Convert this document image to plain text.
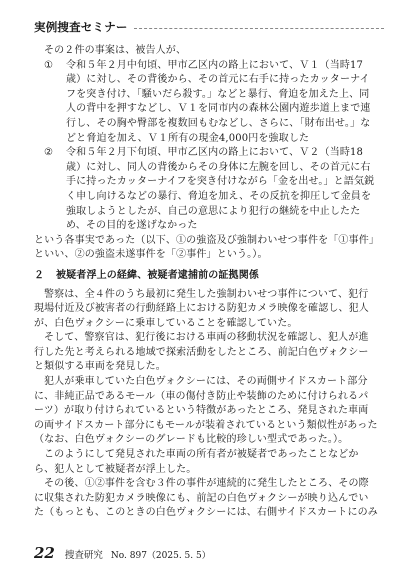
実例捜査セミナー

その２件の事案は、被告人が、

①	令和５年２月中旬頃、甲市乙区内の路上において、Ｖ１（当時17歳）に対し、その背後から、その首元に右手に持ったカッターナイフを突き付け、「騒いだら殺す。」などと暴行、脅迫を加えた上、同人の背中を押すなどし、Ｖ１を同市内の森林公園内遊歩道上まで連行し、その胸や臀部を複数回もむなどし、さらに、「財布出せ。」などと脅迫を加え、Ｖ１所有の現金4,000円を強取した
②	令和５年２月下旬頃、甲市乙区内の路上において、Ｖ２（当時18歳）に対し、同人の背後からその身体に左腕を回し、その首元に右手に持ったカッターナイフを突き付けながら「金を出せ。」と語気鋭く申し向けるなどの暴行、脅迫を加え、その反抗を抑圧して金員を強取しようとしたが、自己の意思により犯行の継続を中止したため、その目的を遂げなかった

という各事実であった（以下、①の強盗及び強制わいせつ事件を「①事件」といい、②の強盗未遂事件を「②事件」という。）。

２ 被疑者浮上の経緯、被疑者逮捕前の証拠関係

警察は、全４件のうち最初に発生した強制わいせつ事件について、犯行現場付近及び被害者の行動経路上における防犯カメラ映像を確認し、犯人が、白色ヴォクシーに乗車していることを確認していた。

そして、警察官は、犯行後における車両の移動状況を確認し、犯人が進行した先と考えられる地域で探索活動をしたところ、前記白色ヴォクシーと類似する車両を発見した。

犯人が乗車していた白色ヴォクシーには、その両側サイドスカート部分に、非純正品であるモール（車の傷付き防止や装飾のために付けられるパーツ）が取り付けられているという特徴があったところ、発見された車両の両サイドスカート部分にもモールが装着されているという類似性があった（なお、白色ヴォクシーのグレードも比較的珍しい型式であった。）。

このようにして発見された車両の所有者が被疑者であったことなどから、犯人として被疑者が浮上した。

その後、①②事件を含む３件の事件が連続的に発生したところ、その際に収集された防犯カメラ映像にも、前記の白色ヴォクシーが映り込んでいた（もっとも、このときの白色ヴォクシーには、右側サイドスカートにのみ

22 捜査研究 No. 897（2025. 5. 5）
